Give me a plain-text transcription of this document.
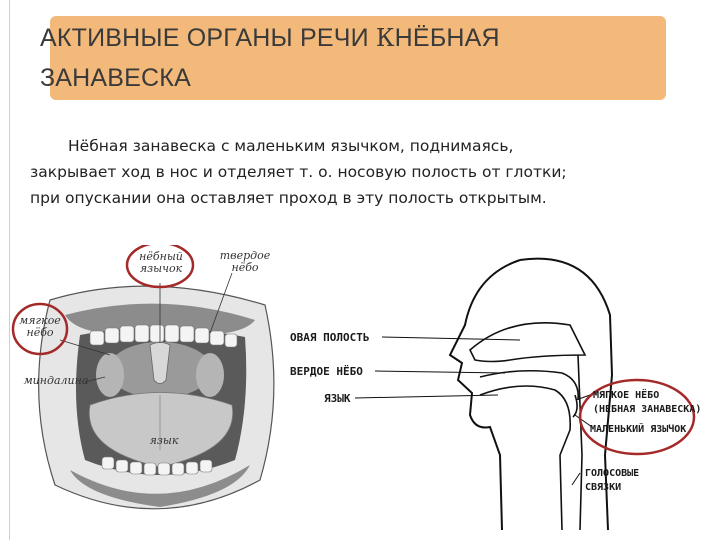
АКТИВНЫЕ ОРГАНЫ РЕЧИ КНЁБНАЯ
ЗАНАВЕСКА
Нёбная занавеска с маленьким язычком, поднимаясь,
закрывает ход в нос и отделяет т. о. носовую полость от глотки;
при опускании она оставляет проход в эту полость открытым.
нёбный
язычок
твердое
нёбо
мягкое
нёбо
миндалина
язык
ОВАЯ ПОЛОСТЬ
ВЕРДОЕ НЁБО
ЯЗЫК	МЯГКОЕ НЁБО
(НЕБНАЯ ЗАНАВЕСКА)
МАЛЕНЬКИЙ ЯЗЫЧОК
ГОЛОСОВЫЕ
СВЯЗКИ
